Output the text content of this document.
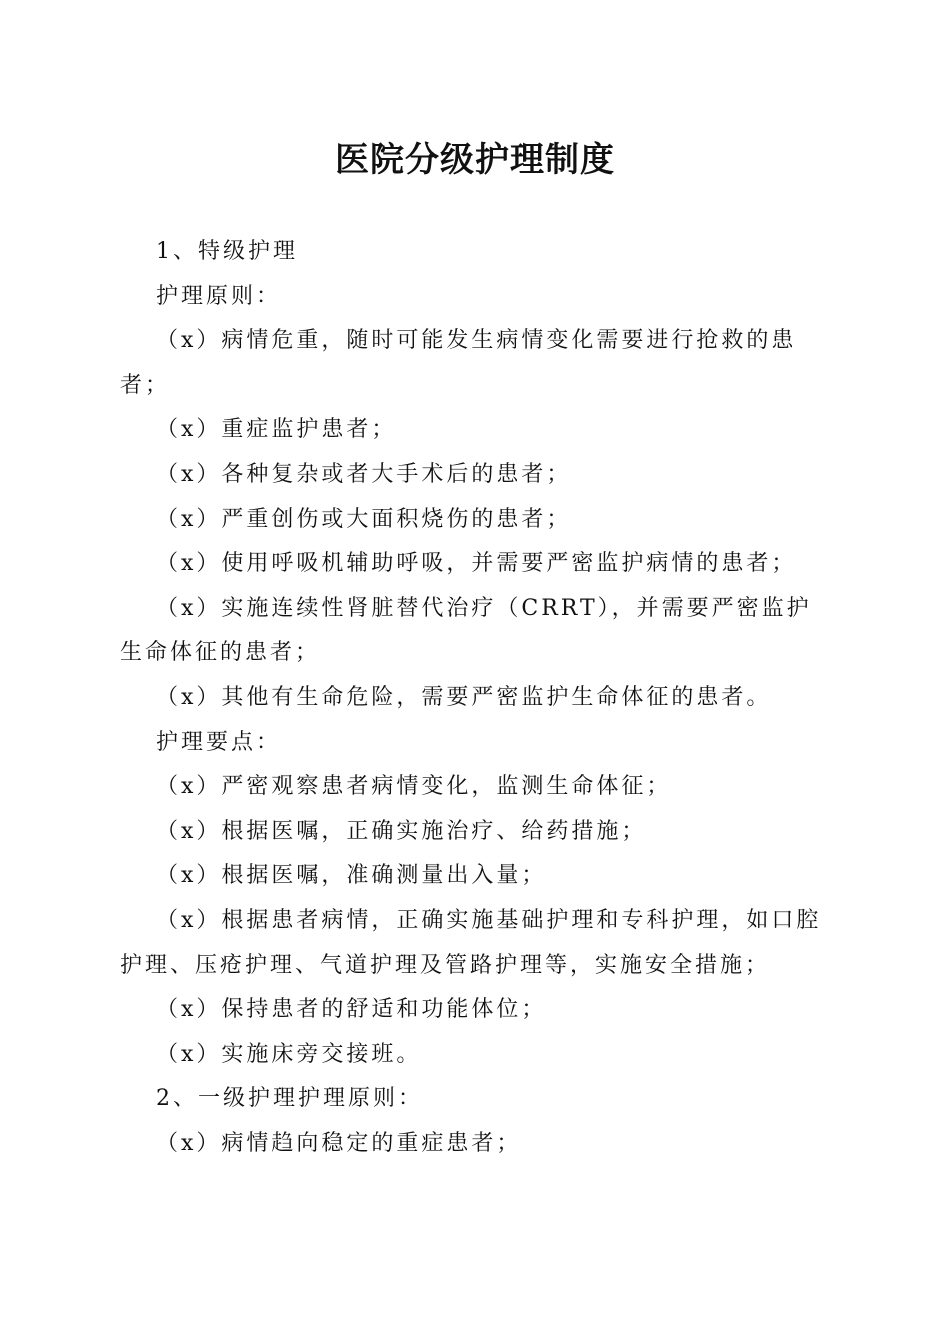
医院分级护理制度

1、特级护理

护理原则：

（x）病情危重，随时可能发生病情变化需要进行抢救的患者；

（x）重症监护患者；

（x）各种复杂或者大手术后的患者；

（x）严重创伤或大面积烧伤的患者；

（x）使用呼吸机辅助呼吸，并需要严密监护病情的患者；

（x）实施连续性肾脏替代治疗（CRRT），并需要严密监护生命体征的患者；

（x）其他有生命危险，需要严密监护生命体征的患者。

护理要点：

（x）严密观察患者病情变化，监测生命体征；

（x）根据医嘱，正确实施治疗、给药措施；

（x）根据医嘱，准确测量出入量；

（x）根据患者病情，正确实施基础护理和专科护理，如口腔护理、压疮护理、气道护理及管路护理等，实施安全措施；

（x）保持患者的舒适和功能体位；

（x）实施床旁交接班。

2、一级护理护理原则：

（x）病情趋向稳定的重症患者；
